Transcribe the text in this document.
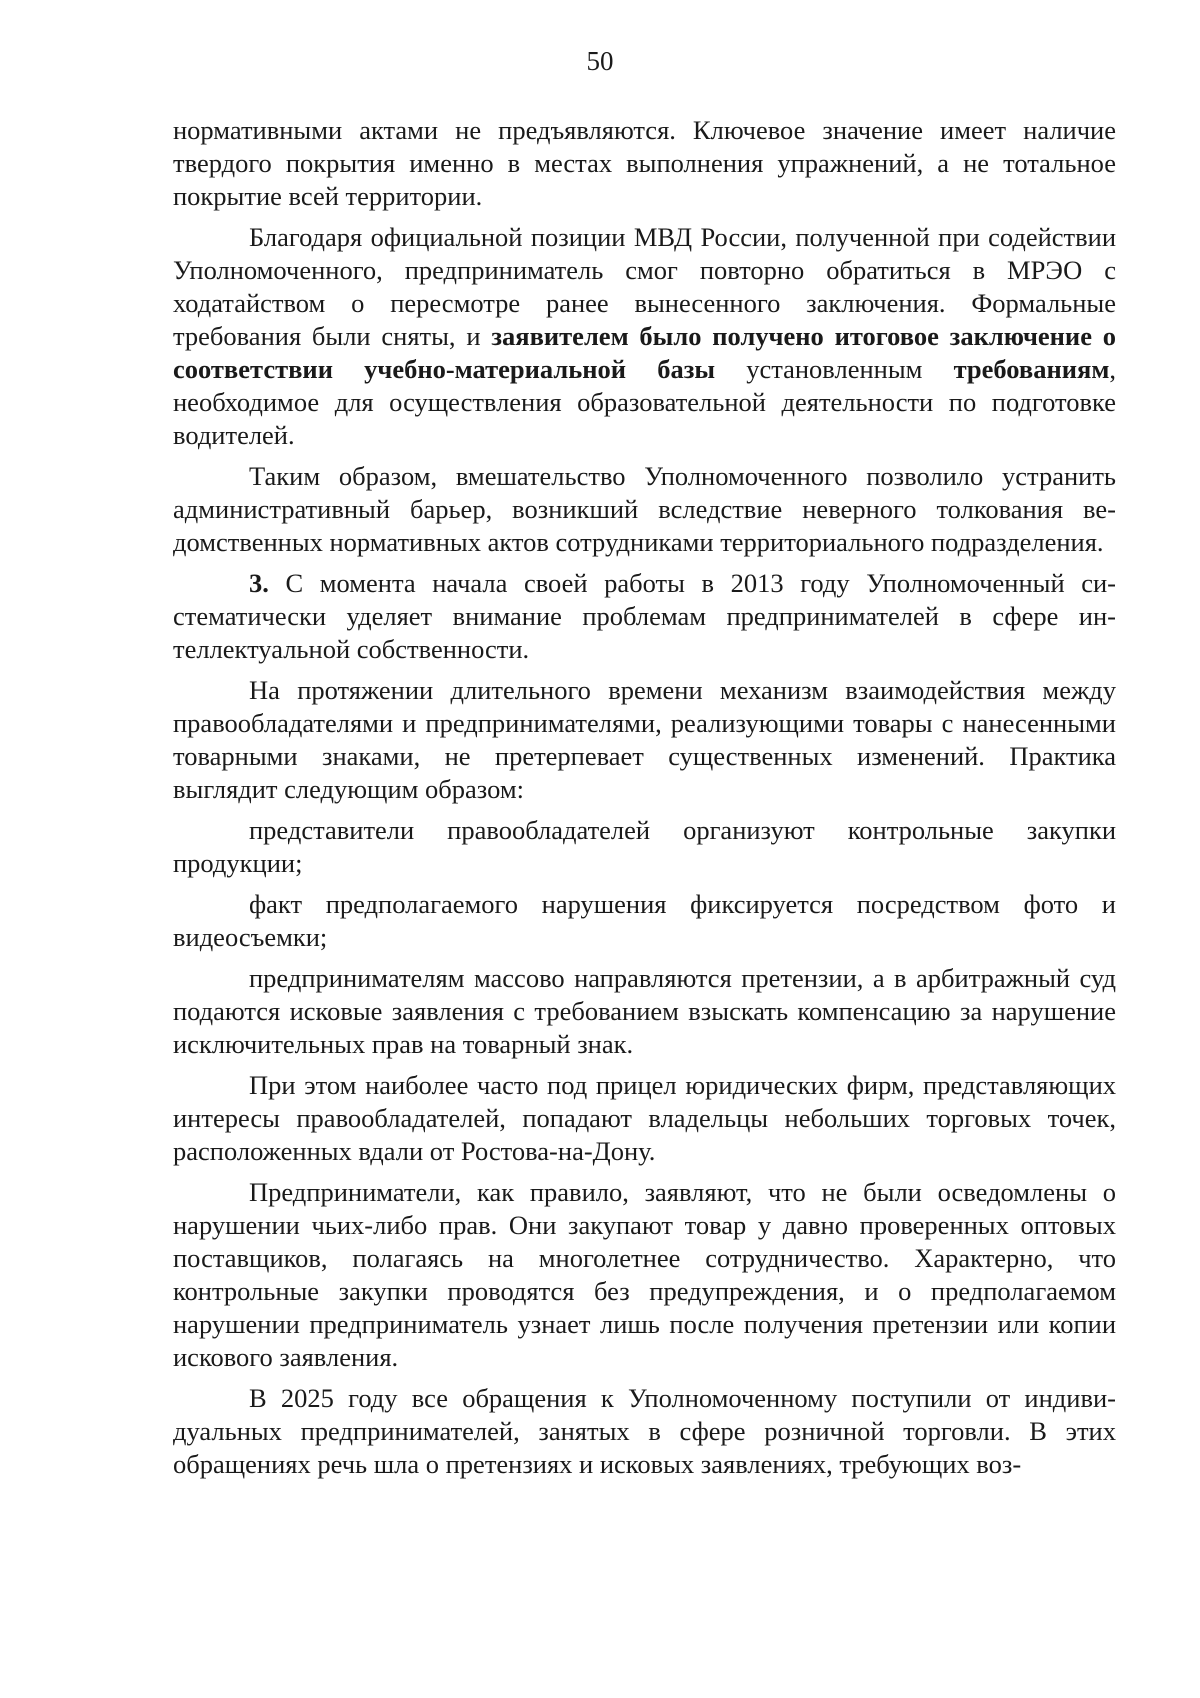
50

нормативными актами не предъявляются. Ключевое значение имеет наличие твердого покрытия именно в местах выполнения упражнений, а не тотальное покрытие всей территории.

Благодаря официальной позиции МВД России, полученной при содействии Уполномоченного, предприниматель смог повторно обратиться в МРЭО с ходатайством о пересмотре ранее вынесенного заключения. Формальные требования были сняты, и заявителем было получено итоговое заключение о соответствии учебно-материальной базы установленным требованиям, необходимое для осуществления образовательной деятельности по подготовке водителей.

Таким образом, вмешательство Уполномоченного позволило устранить административный барьер, возникший вследствие неверного толкования ведомственных нормативных актов сотрудниками территориального подразделения.

3. С момента начала своей работы в 2013 году Уполномоченный систематически уделяет внимание проблемам предпринимателей в сфере интеллектуальной собственности.

На протяжении длительного времени механизм взаимодействия между правообладателями и предпринимателями, реализующими товары с нанесенными товарными знаками, не претерпевает существенных изменений. Практика выглядит следующим образом:

представители правообладателей организуют контрольные закупки продукции;

факт предполагаемого нарушения фиксируется посредством фото и видеосъемки;

предпринимателям массово направляются претензии, а в арбитражный суд подаются исковые заявления с требованием взыскать компенсацию за нарушение исключительных прав на товарный знак.

При этом наиболее часто под прицел юридических фирм, представляющих интересы правообладателей, попадают владельцы небольших торговых точек, расположенных вдали от Ростова-на-Дону.

Предприниматели, как правило, заявляют, что не были осведомлены о нарушении чьих-либо прав. Они закупают товар у давно проверенных оптовых поставщиков, полагаясь на многолетнее сотрудничество. Характерно, что контрольные закупки проводятся без предупреждения, и о предполагаемом нарушении предприниматель узнает лишь после получения претензии или копии искового заявления.

В 2025 году все обращения к Уполномоченному поступили от индивидуальных предпринимателей, занятых в сфере розничной торговли. В этих обращениях речь шла о претензиях и исковых заявлениях, требующих воз-
